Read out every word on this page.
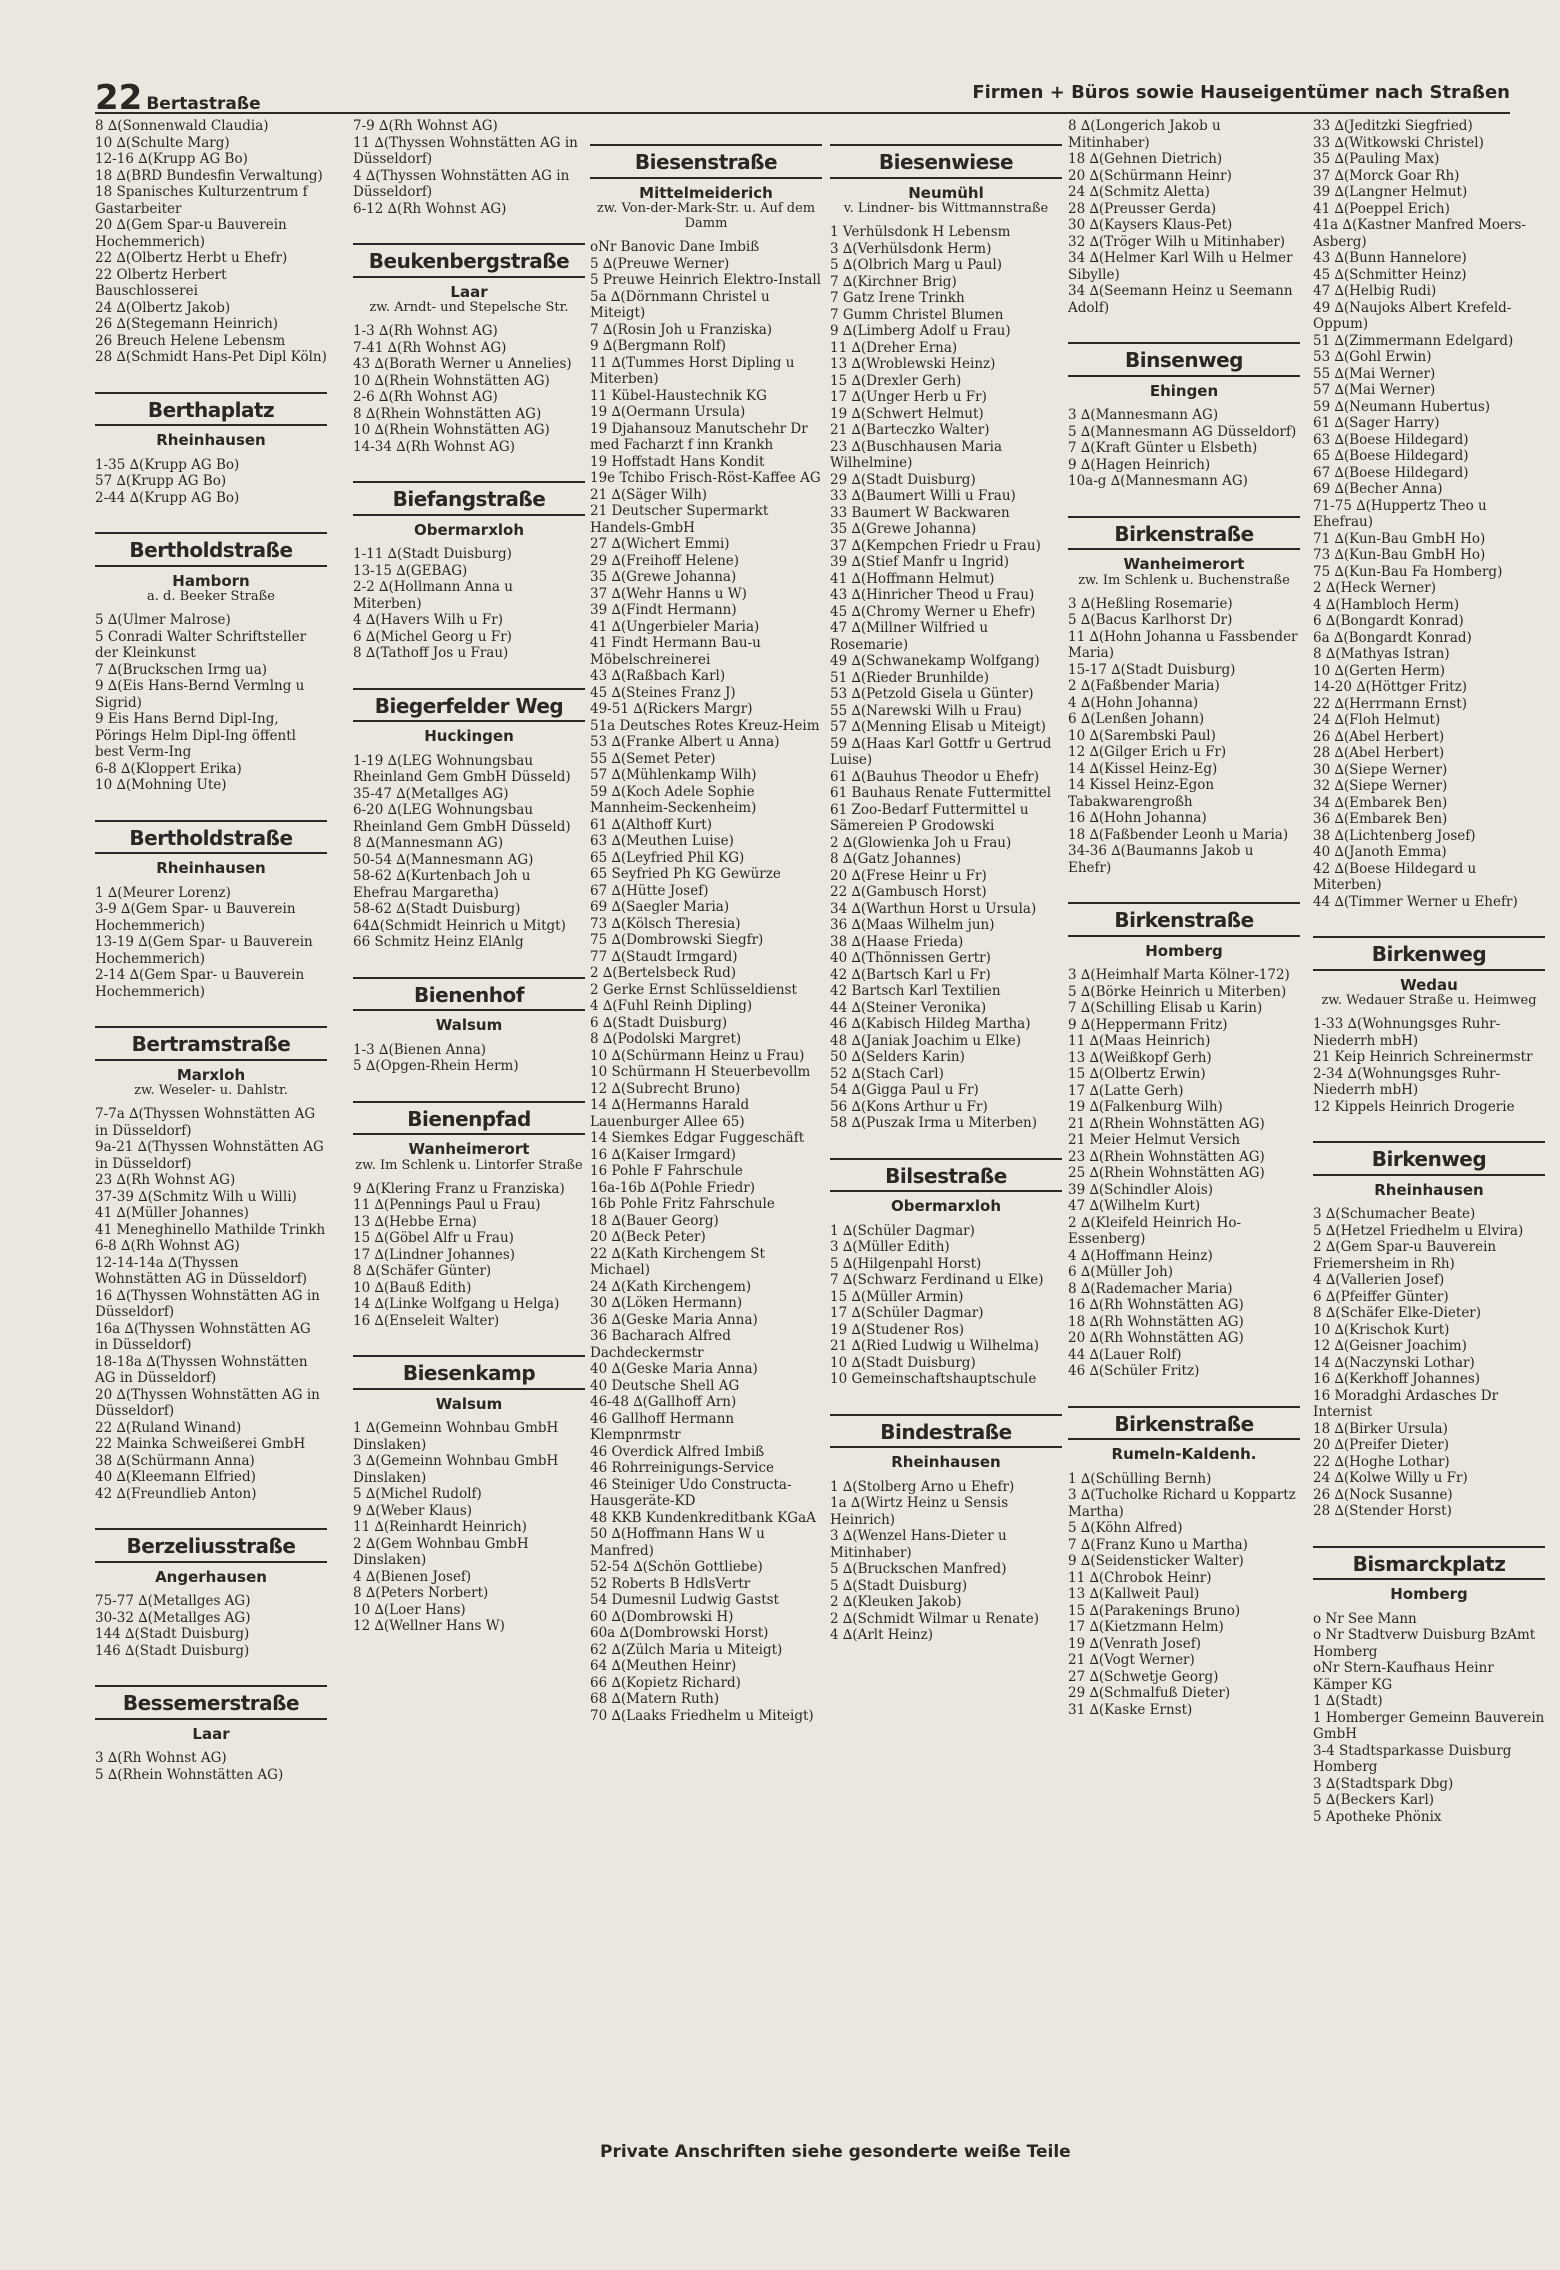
22 Bertastraße
Firmen + Büros sowie Hauseigentümer nach Straßen
8 ∆(Sonnenwald Claudia)
10 ∆(Schulte Marg)
12-16 ∆(Krupp AG Bo)
18 ∆(BRD Bundesfin Verwaltung)
18 Spanisches Kulturzentrum f Gastarbeiter
20 ∆(Gem Spar-u Bauverein Hochemmerich)
22 ∆(Olbertz Herbt u Ehefr)
22 Olbertz Herbert Bauschlosserei
24 ∆(Olbertz Jakob)
26 ∆(Stegemann Heinrich)
26 Breuch Helene Lebensm
28 ∆(Schmidt Hans-Pet Dipl Köln)
Berthaplatz
Rheinhausen
1-35 ∆(Krupp AG Bo)
57 ∆(Krupp AG Bo)
2-44 ∆(Krupp AG Bo)
Bertholdstraße
Hamborn
a. d. Beeker Straße
5 ∆(Ulmer Malrose)
5 Conradi Walter Schriftsteller der Kleinkunst
7 ∆(Bruckschen Irmg ua)
9 ∆(Eis Hans-Bernd Vermlng u Sigrid)
9 Eis Hans Bernd Dipl-Ing, Pörings Helm Dipl-Ing öffentl best Verm-Ing
6-8 ∆(Kloppert Erika)
10 ∆(Mohning Ute)
Bertholdstraße
Rheinhausen
1 ∆(Meurer Lorenz)
3-9 ∆(Gem Spar- u Bauverein Hochemmerich)
13-19 ∆(Gem Spar- u Bauverein Hochemmerich)
2-14 ∆(Gem Spar- u Bauverein Hochemmerich)
Bertramstraße
Marxloh
zw. Weseler- u. Dahlstr.
7-7a ∆(Thyssen Wohnstätten AG in Düsseldorf)
9a-21 ∆(Thyssen Wohnstätten AG in Düsseldorf)
23 ∆(Rh Wohnst AG)
37-39 ∆(Schmitz Wilh u Willi)
41 ∆(Müller Johannes)
41 Meneghinello Mathilde Trinkh
6-8 ∆(Rh Wohnst AG)
12-14-14a ∆(Thyssen Wohnstätten AG in Düsseldorf)
16 ∆(Thyssen Wohnstätten AG in Düsseldorf)
16a ∆(Thyssen Wohnstätten AG in Düsseldorf)
18-18a ∆(Thyssen Wohnstätten AG in Düsseldorf)
20 ∆(Thyssen Wohnstätten AG in Düsseldorf)
22 ∆(Ruland Winand)
22 Mainka Schweißerei GmbH
38 ∆(Schürmann Anna)
40 ∆(Kleemann Elfried)
42 ∆(Freundlieb Anton)
Berzeliusstraße
Angerhausen
75-77 ∆(Metallges AG)
30-32 ∆(Metallges AG)
144 ∆(Stadt Duisburg)
146 ∆(Stadt Duisburg)
Bessemerstraße
Laar
3 ∆(Rh Wohnst AG)
5 ∆(Rhein Wohnstätten AG)
7-9 ∆(Rh Wohnst AG)
11 ∆(Thyssen Wohnstätten AG in Düsseldorf)
4 ∆(Thyssen Wohnstätten AG in Düsseldorf)
6-12 ∆(Rh Wohnst AG)
Beukenbergstraße
Laar
zw. Arndt- und Stepelsche Str.
1-3 ∆(Rh Wohnst AG)
7-41 ∆(Rh Wohnst AG)
43 ∆(Borath Werner u Annelies)
10 ∆(Rhein Wohnstätten AG)
2-6 ∆(Rh Wohnst AG)
8 ∆(Rhein Wohnstätten AG)
10 ∆(Rhein Wohnstätten AG)
14-34 ∆(Rh Wohnst AG)
Biefangstraße
Obermarxloh
1-11 ∆(Stadt Duisburg)
13-15 ∆(GEBAG)
2-2 ∆(Hollmann Anna u Miterben)
4 ∆(Havers Wilh u Fr)
6 ∆(Michel Georg u Fr)
8 ∆(Tathoff Jos u Frau)
Biegerfelder Weg
Huckingen
1-19 ∆(LEG Wohnungsbau Rheinland Gem GmbH Düsseld)
35-47 ∆(Metallges AG)
6-20 ∆(LEG Wohnungsbau Rheinland Gem GmbH Düsseld)
8 ∆(Mannesmann AG)
50-54 ∆(Mannesmann AG)
58-62 ∆(Kurtenbach Joh u Ehefrau Margaretha)
58-62 ∆(Stadt Duisburg)
64∆(Schmidt Heinrich u Mitgt)
66 Schmitz Heinz ElAnlg
Bienenhof
Walsum
1-3 ∆(Bienen Anna)
5 ∆(Opgen-Rhein Herm)
Bienenpfad
Wanheimerort
zw. Im Schlenk u. Lintorfer Straße
9 ∆(Klering Franz u Franziska)
11 ∆(Pennings Paul u Frau)
13 ∆(Hebbe Erna)
15 ∆(Göbel Alfr u Frau)
17 ∆(Lindner Johannes)
8 ∆(Schäfer Günter)
10 ∆(Bauß Edith)
14 ∆(Linke Wolfgang u Helga)
16 ∆(Enseleit Walter)
Biesenkamp
Walsum
1 ∆(Gemeinn Wohnbau GmbH Dinslaken)
3 ∆(Gemeinn Wohnbau GmbH Dinslaken)
5 ∆(Michel Rudolf)
9 ∆(Weber Klaus)
11 ∆(Reinhardt Heinrich)
2 ∆(Gem Wohnbau GmbH Dinslaken)
4 ∆(Bienen Josef)
8 ∆(Peters Norbert)
10 ∆(Loer Hans)
12 ∆(Wellner Hans W)
Biesenstraße
Mittelmeiderich
zw. Von-der-Mark-Str. u. Auf dem Damm
oNr Banovic Dane Imbiß
5 ∆(Preuwe Werner)
5 Preuwe Heinrich Elektro-Install
5a ∆(Dörnmann Christel u Miteigt)
7 ∆(Rosin Joh u Franziska)
9 ∆(Bergmann Rolf)
11 ∆(Tummes Horst Dipling u Miterben)
11 Kübel-Haustechnik KG
19 ∆(Oermann Ursula)
19 Djahansouz Manutschehr Dr med Facharzt f inn Krankh
19 Hoffstadt Hans Kondit
19e Tchibo Frisch-Röst-Kaffee AG
21 ∆(Säger Wilh)
21 Deutscher Supermarkt Handels-GmbH
27 ∆(Wichert Emmi)
29 ∆(Freihoff Helene)
35 ∆(Grewe Johanna)
37 ∆(Wehr Hanns u W)
39 ∆(Findt Hermann)
41 ∆(Ungerbieler Maria)
41 Findt Hermann Bau-u Möbelschreinerei
43 ∆(Raßbach Karl)
45 ∆(Steines Franz J)
49-51 ∆(Rickers Margr)
51a Deutsches Rotes Kreuz-Heim
53 ∆(Franke Albert u Anna)
55 ∆(Semet Peter)
57 ∆(Mühlenkamp Wilh)
59 ∆(Koch Adele Sophie Mannheim-Seckenheim)
61 ∆(Althoff Kurt)
63 ∆(Meuthen Luise)
65 ∆(Leyfried Phil KG)
65 Seyfried Ph KG Gewürze
67 ∆(Hütte Josef)
69 ∆(Saegler Maria)
73 ∆(Kölsch Theresia)
75 ∆(Dombrowski Siegfr)
77 ∆(Staudt Irmgard)
2 ∆(Bertelsbeck Rud)
2 Gerke Ernst Schlüsseldienst
4 ∆(Fuhl Reinh Dipling)
6 ∆(Stadt Duisburg)
8 ∆(Podolski Margret)
10 ∆(Schürmann Heinz u Frau)
10 Schürmann H Steuerbevollm
12 ∆(Subrecht Bruno)
14 ∆(Hermanns Harald Lauenburger Allee 65)
14 Siemkes Edgar Fuggeschäft
16 ∆(Kaiser Irmgard)
16 Pohle F Fahrschule
16a-16b ∆(Pohle Friedr)
16b Pohle Fritz Fahrschule
18 ∆(Bauer Georg)
20 ∆(Beck Peter)
22 ∆(Kath Kirchengem St Michael)
24 ∆(Kath Kirchengem)
30 ∆(Löken Hermann)
36 ∆(Geske Maria Anna)
36 Bacharach Alfred Dachdeckermstr
40 ∆(Geske Maria Anna)
40 Deutsche Shell AG
46-48 ∆(Gallhoff Arn)
46 Gallhoff Hermann Klempnrmstr
46 Overdick Alfred Imbiß
46 Rohrreinigungs-Service
46 Steiniger Udo Constructa-Hausgeräte-KD
48 KKB Kundenkreditbank KGaA
50 ∆(Hoffmann Hans W u Manfred)
52-54 ∆(Schön Gottliebe)
52 Roberts B HdlsVertr
54 Dumesnil Ludwig Gastst
60 ∆(Dombrowski H)
60a ∆(Dombrowski Horst)
62 ∆(Zülch Maria u Miteigt)
64 ∆(Meuthen Heinr)
66 ∆(Kopietz Richard)
68 ∆(Matern Ruth)
70 ∆(Laaks Friedhelm u Miteigt)
Biesenwiese
Neumühl
v. Lindner- bis Wittmannstraße
1 Verhülsdonk H Lebensm
3 ∆(Verhülsdonk Herm)
5 ∆(Olbrich Marg u Paul)
7 ∆(Kirchner Brig)
7 Gatz Irene Trinkh
7 Gumm Christel Blumen
9 ∆(Limberg Adolf u Frau)
11 ∆(Dreher Erna)
13 ∆(Wroblewski Heinz)
15 ∆(Drexler Gerh)
17 ∆(Unger Herb u Fr)
19 ∆(Schwert Helmut)
21 ∆(Barteczko Walter)
23 ∆(Buschhausen Maria Wilhelmine)
29 ∆(Stadt Duisburg)
33 ∆(Baumert Willi u Frau)
33 Baumert W Backwaren
35 ∆(Grewe Johanna)
37 ∆(Kempchen Friedr u Frau)
39 ∆(Stief Manfr u Ingrid)
41 ∆(Hoffmann Helmut)
43 ∆(Hinricher Theod u Frau)
45 ∆(Chromy Werner u Ehefr)
47 ∆(Millner Wilfried u Rosemarie)
49 ∆(Schwanekamp Wolfgang)
51 ∆(Rieder Brunhilde)
53 ∆(Petzold Gisela u Günter)
55 ∆(Narewski Wilh u Frau)
57 ∆(Menning Elisab u Miteigt)
59 ∆(Haas Karl Gottfr u Gertrud Luise)
61 ∆(Bauhus Theodor u Ehefr)
61 Bauhaus Renate Futtermittel
61 Zoo-Bedarf Futtermittel u Sämereien P Grodowski
2 ∆(Glowienka Joh u Frau)
8 ∆(Gatz Johannes)
20 ∆(Frese Heinr u Fr)
22 ∆(Gambusch Horst)
34 ∆(Warthun Horst u Ursula)
36 ∆(Maas Wilhelm jun)
38 ∆(Haase Frieda)
40 ∆(Thönnissen Gertr)
42 ∆(Bartsch Karl u Fr)
42 Bartsch Karl Textilien
44 ∆(Steiner Veronika)
46 ∆(Kabisch Hildeg Martha)
48 ∆(Janiak Joachim u Elke)
50 ∆(Selders Karin)
52 ∆(Stach Carl)
54 ∆(Gigga Paul u Fr)
56 ∆(Kons Arthur u Fr)
58 ∆(Puszak Irma u Miterben)
Bilsestraße
Obermarxloh
1 ∆(Schüler Dagmar)
3 ∆(Müller Edith)
5 ∆(Hilgenpahl Horst)
7 ∆(Schwarz Ferdinand u Elke)
15 ∆(Müller Armin)
17 ∆(Schüler Dagmar)
19 ∆(Studener Ros)
21 ∆(Ried Ludwig u Wilhelma)
10 ∆(Stadt Duisburg)
10 Gemeinschaftshauptschule
Bindestraße
Rheinhausen
1 ∆(Stolberg Arno u Ehefr)
1a ∆(Wirtz Heinz u Sensis Heinrich)
3 ∆(Wenzel Hans-Dieter u Mitinhaber)
5 ∆(Bruckschen Manfred)
5 ∆(Stadt Duisburg)
2 ∆(Kleuken Jakob)
2 ∆(Schmidt Wilmar u Renate)
4 ∆(Arlt Heinz)
8 ∆(Longerich Jakob u Mitinhaber)
18 ∆(Gehnen Dietrich)
20 ∆(Schürmann Heinr)
24 ∆(Schmitz Aletta)
28 ∆(Preusser Gerda)
30 ∆(Kaysers Klaus-Pet)
32 ∆(Tröger Wilh u Mitinhaber)
34 ∆(Helmer Karl Wilh u Helmer Sibylle)
34 ∆(Seemann Heinz u Seemann Adolf)
Binsenweg
Ehingen
3 ∆(Mannesmann AG)
5 ∆(Mannesmann AG Düsseldorf)
7 ∆(Kraft Günter u Elsbeth)
9 ∆(Hagen Heinrich)
10a-g ∆(Mannesmann AG)
Birkenstraße
Wanheimerort
zw. Im Schlenk u. Buchenstraße
3 ∆(Heßling Rosemarie)
5 ∆(Bacus Karlhorst Dr)
11 ∆(Hohn Johanna u Fassbender Maria)
15-17 ∆(Stadt Duisburg)
2 ∆(Faßbender Maria)
4 ∆(Hohn Johanna)
6 ∆(Lenßen Johann)
10 ∆(Sarembski Paul)
12 ∆(Gilger Erich u Fr)
14 ∆(Kissel Heinz-Eg)
14 Kissel Heinz-Egon Tabakwarengroßh
16 ∆(Hohn Johanna)
18 ∆(Faßbender Leonh u Maria)
34-36 ∆(Baumanns Jakob u Ehefr)
Birkenstraße
Homberg
3 ∆(Heimhalf Marta Kölner-172)
5 ∆(Börke Heinrich u Miterben)
7 ∆(Schilling Elisab u Karin)
9 ∆(Heppermann Fritz)
11 ∆(Maas Heinrich)
13 ∆(Weißkopf Gerh)
15 ∆(Olbertz Erwin)
17 ∆(Latte Gerh)
19 ∆(Falkenburg Wilh)
21 ∆(Rhein Wohnstätten AG)
21 Meier Helmut Versich
23 ∆(Rhein Wohnstätten AG)
25 ∆(Rhein Wohnstätten AG)
39 ∆(Schindler Alois)
47 ∆(Wilhelm Kurt)
2 ∆(Kleifeld Heinrich Ho-Essenberg)
4 ∆(Hoffmann Heinz)
6 ∆(Müller Joh)
8 ∆(Rademacher Maria)
16 ∆(Rh Wohnstätten AG)
18 ∆(Rh Wohnstätten AG)
20 ∆(Rh Wohnstätten AG)
44 ∆(Lauer Rolf)
46 ∆(Schüler Fritz)
Birkenstraße
Rumeln-Kaldenh.
1 ∆(Schülling Bernh)
3 ∆(Tucholke Richard u Koppartz Martha)
5 ∆(Köhn Alfred)
7 ∆(Franz Kuno u Martha)
9 ∆(Seidensticker Walter)
11 ∆(Chrobok Heinr)
13 ∆(Kallweit Paul)
15 ∆(Parakenings Bruno)
17 ∆(Kietzmann Helm)
19 ∆(Venrath Josef)
21 ∆(Vogt Werner)
27 ∆(Schwetje Georg)
29 ∆(Schmalfuß Dieter)
31 ∆(Kaske Ernst)
33 ∆(Jeditzki Siegfried)
33 ∆(Witkowski Christel)
35 ∆(Pauling Max)
37 ∆(Morck Goar Rh)
39 ∆(Langner Helmut)
41 ∆(Poeppel Erich)
41a ∆(Kastner Manfred Moers-Asberg)
43 ∆(Bunn Hannelore)
45 ∆(Schmitter Heinz)
47 ∆(Helbig Rudi)
49 ∆(Naujoks Albert Krefeld-Oppum)
51 ∆(Zimmermann Edelgard)
53 ∆(Gohl Erwin)
55 ∆(Mai Werner)
57 ∆(Mai Werner)
59 ∆(Neumann Hubertus)
61 ∆(Sager Harry)
63 ∆(Boese Hildegard)
65 ∆(Boese Hildegard)
67 ∆(Boese Hildegard)
69 ∆(Becher Anna)
71-75 ∆(Huppertz Theo u Ehefrau)
71 ∆(Kun-Bau GmbH Ho)
73 ∆(Kun-Bau GmbH Ho)
75 ∆(Kun-Bau Fa Homberg)
2 ∆(Heck Werner)
4 ∆(Hambloch Herm)
6 ∆(Bongardt Konrad)
6a ∆(Bongardt Konrad)
8 ∆(Mathyas Istran)
10 ∆(Gerten Herm)
14-20 ∆(Höttger Fritz)
22 ∆(Herrmann Ernst)
24 ∆(Floh Helmut)
26 ∆(Abel Herbert)
28 ∆(Abel Herbert)
30 ∆(Siepe Werner)
32 ∆(Siepe Werner)
34 ∆(Embarek Ben)
36 ∆(Embarek Ben)
38 ∆(Lichtenberg Josef)
40 ∆(Janoth Emma)
42 ∆(Boese Hildegard u Miterben)
44 ∆(Timmer Werner u Ehefr)
Birkenweg
Wedau
zw. Wedauer Straße u. Heimweg
1-33 ∆(Wohnungsges Ruhr-Niederrh mbH)
21 Keip Heinrich Schreinermstr
2-34 ∆(Wohnungsges Ruhr-Niederrh mbH)
12 Kippels Heinrich Drogerie
Birkenweg
Rheinhausen
3 ∆(Schumacher Beate)
5 ∆(Hetzel Friedhelm u Elvira)
2 ∆(Gem Spar-u Bauverein Friemersheim in Rh)
4 ∆(Vallerien Josef)
6 ∆(Pfeiffer Günter)
8 ∆(Schäfer Elke-Dieter)
10 ∆(Krischok Kurt)
12 ∆(Geisner Joachim)
14 ∆(Naczynski Lothar)
16 ∆(Kerkhoff Johannes)
16 Moradghi Ardasches Dr Internist
18 ∆(Birker Ursula)
20 ∆(Preifer Dieter)
22 ∆(Hoghe Lothar)
24 ∆(Kolwe Willy u Fr)
26 ∆(Nock Susanne)
28 ∆(Stender Horst)
Bismarckplatz
Homberg
o Nr See Mann
o Nr Stadtverw Duisburg BzAmt Homberg
oNr Stern-Kaufhaus Heinr Kämper KG
1 ∆(Stadt)
1 Homberger Gemeinn Bauverein GmbH
3-4 Stadtsparkasse Duisburg Homberg
3 ∆(Stadtspark Dbg)
5 ∆(Beckers Karl)
5 Apotheke Phönix
Private Anschriften siehe gesonderte weiße Teile
